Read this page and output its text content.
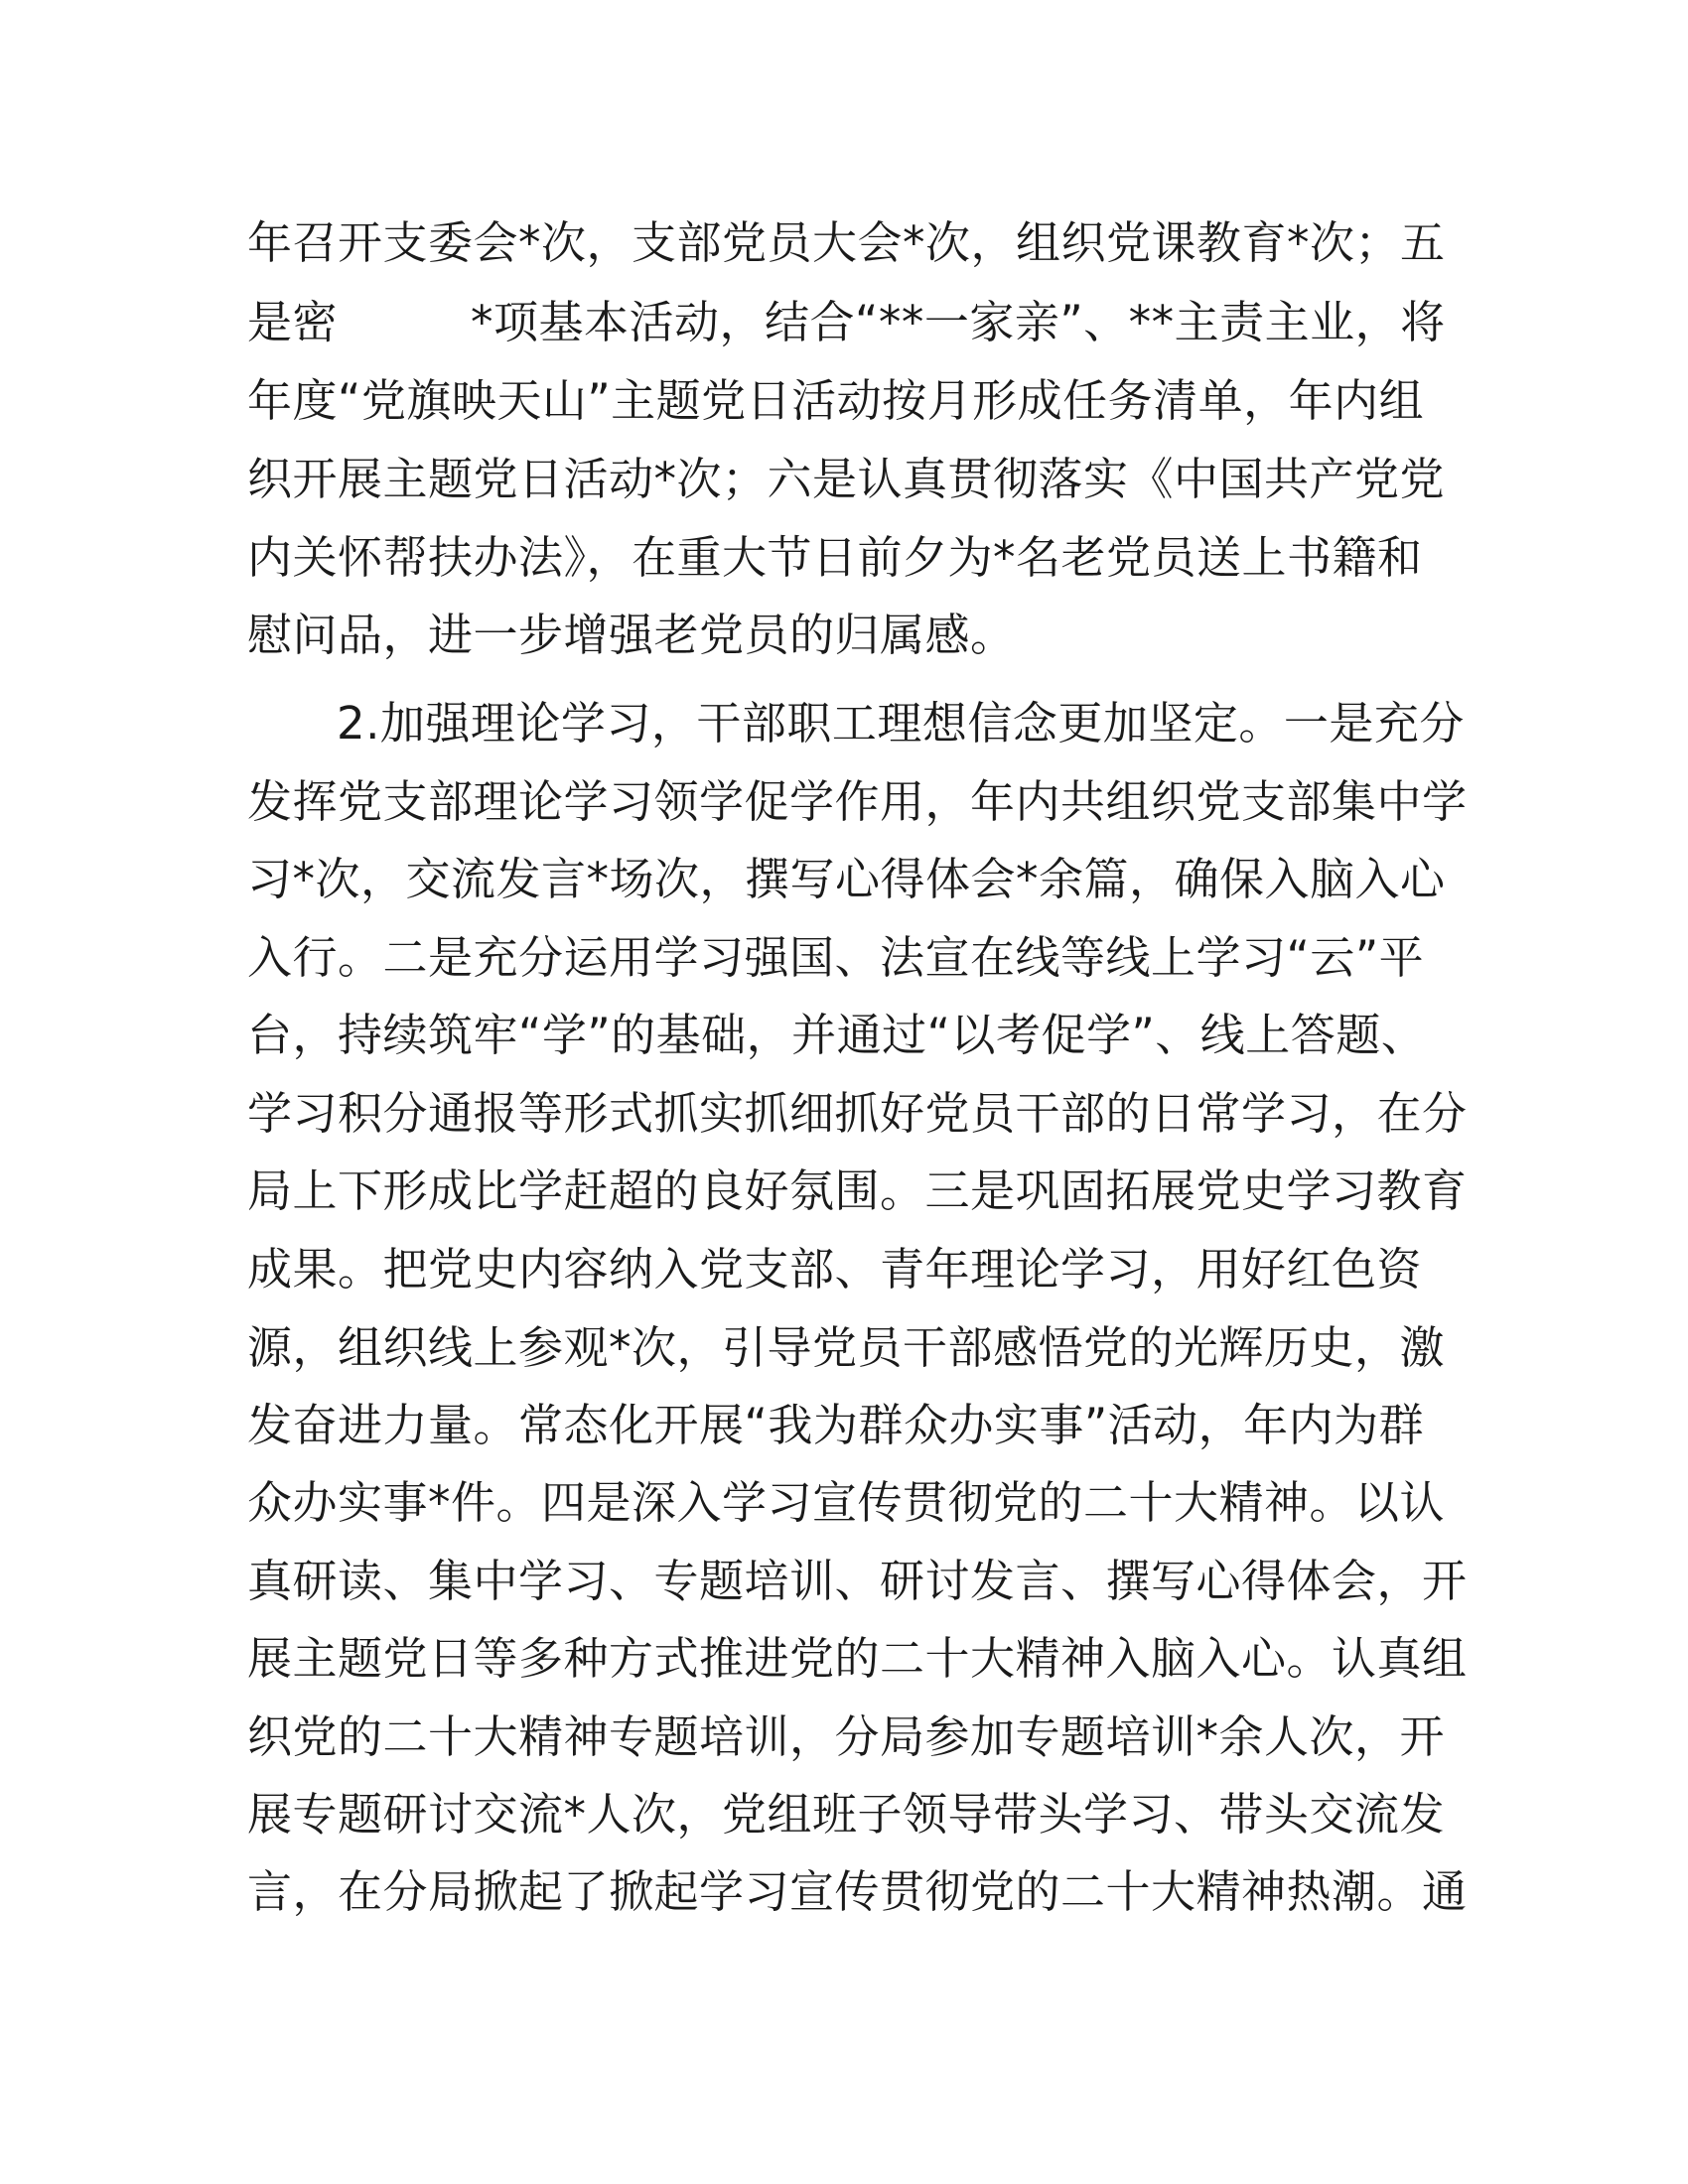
年召开支委会*次，支部党员大会*次，组织党课教育*次；五
是密	*项基本活动，结合“**一家亲”、**主责主业，将
年度“党旗映天山”主题党日活动按月形成任务清单，年内组
织开展主题党日活动*次；六是认真贯彻落实《中国共产党党
内关怀帮扶办法》，在重大节日前夕为*名老党员送上书籍和
慰问品，进一步增强老党员的归属感。
2.加强理论学习，干部职工理想信念更加坚定。一是充分
发挥党支部理论学习领学促学作用，年内共组织党支部集中学
习*次，交流发言*场次，撰写心得体会*余篇，确保入脑入心
入行。二是充分运用学习强国、法宣在线等线上学习“云”平
台，持续筑牢“学”的基础，并通过“以考促学”、线上答题、
学习积分通报等形式抓实抓细抓好党员干部的日常学习，在分
局上下形成比学赶超的良好氛围。三是巩固拓展党史学习教育
成果。把党史内容纳入党支部、青年理论学习，用好红色资
源，组织线上参观*次，引导党员干部感悟党的光辉历史，激
发奋进力量。常态化开展“我为群众办实事”活动，年内为群
众办实事*件。四是深入学习宣传贯彻党的二十大精神。以认
真研读、集中学习、专题培训、研讨发言、撰写心得体会，开
展主题党日等多种方式推进党的二十大精神入脑入心。认真组
织党的二十大精神专题培训，分局参加专题培训*余人次，开
展专题研讨交流*人次，党组班子领导带头学习、带头交流发
言，在分局掀起了掀起学习宣传贯彻党的二十大精神热潮。通
